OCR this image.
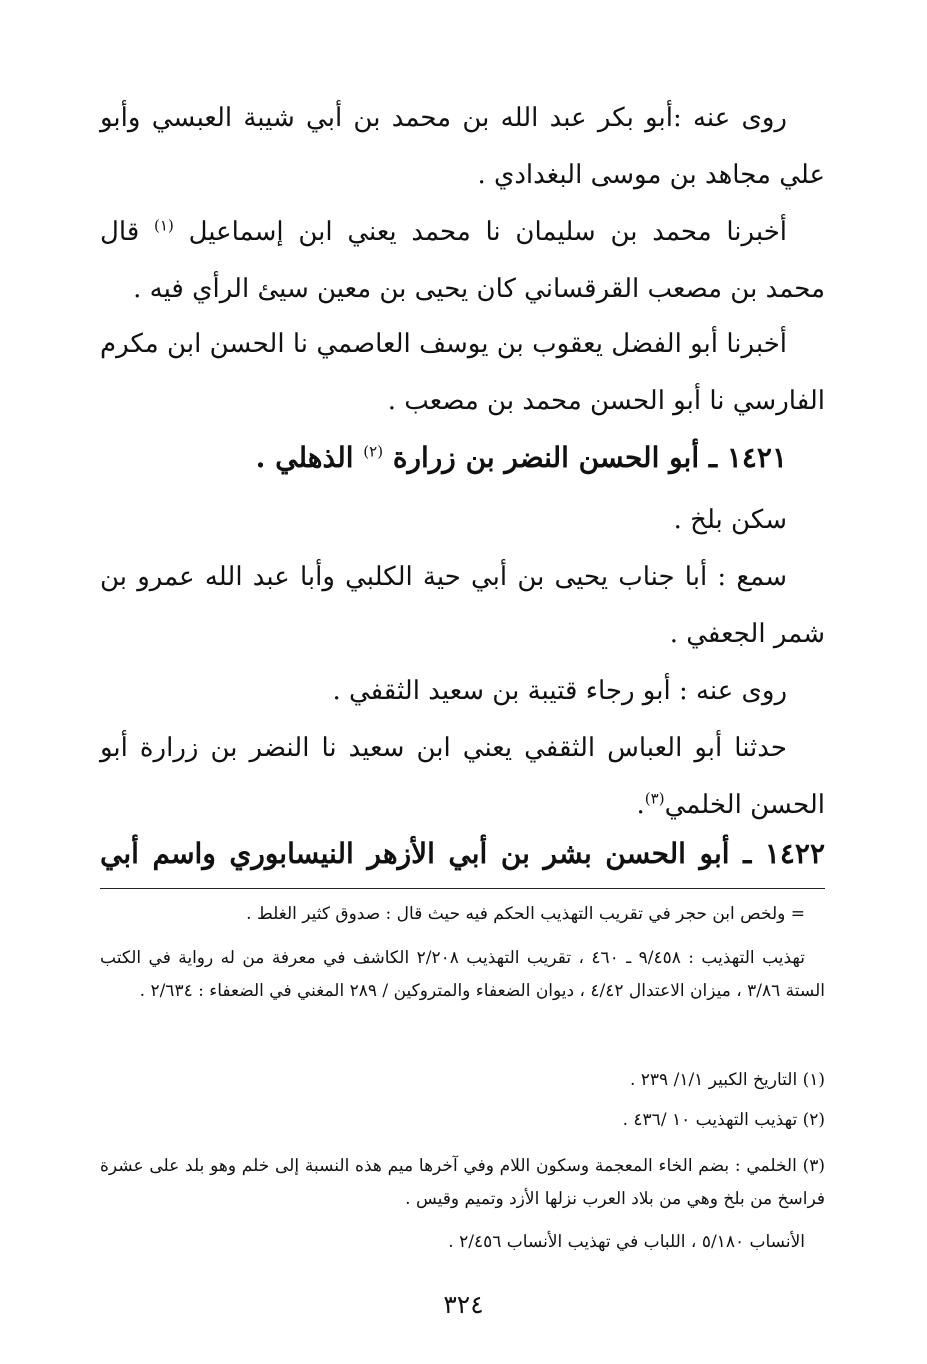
روى عنه :أبو بكر عبد الله بن محمد بن أبي شيبة العبسي وأبو علي مجاهد بن موسى البغدادي .

أخبرنا محمد بن سليمان نا محمد يعني ابن إسماعيل $^{(١)}$ قال محمد بن مصعب القرقساني كان يحيى بن معين سيئ الرأي فيه .

أخبرنا أبو الفضل يعقوب بن يوسف العاصمي نا الحسن ابن مكرم الفارسي نا أبو الحسن محمد بن مصعب .

١٤٢١ ـ أبو الحسن النضر بن زرارة $^{(٢)}$ الذهلي .

سكن بلخ .

سمع : أبا جناب يحيى بن أبي حية الكلبي وأبا عبد الله عمرو بن شمر الجعفي .

روى عنه : أبو رجاء قتيبة بن سعيد الثقفي .

حدثنا أبو العباس الثقفي يعني ابن سعيد نا النضر بن زرارة أبو الحسن الخلمي$^{(٣)}$.

١٤٢٢ ـ أبو الحسن بشر بن أبي الأزهر النيسابوري واسم أبي

= ولخص ابن حجر في تقريب التهذيب الحكم فيه حيث قال : صدوق كثير الغلط .

تهذيب التهذيب : ٩/٤٥٨ ـ ٤٦٠ ، تقريب التهذيب ٢/٢٠٨ الكاشف في معرفة من له رواية في الكتب الستة ٣/٨٦ ، ميزان الاعتدال ٤/٤٢ ، ديوان الضعفاء والمتروكين / ٢٨٩ المغني في الضعفاء : ٢/٦٣٤ .

(١) التاريخ الكبير ١/١/ ٢٣٩ .

(٢) تهذيب التهذيب ١٠ /٤٣٦ .

(٣) الخلمي : بضم الخاء المعجمة وسكون اللام وفي آخرها ميم هذه النسبة إلى خلم وهو بلد على عشرة فراسخ من بلخ وهي من بلاد العرب نزلها الأزد وتميم وقيس .

الأنساب ٥/١٨٠ ، اللباب في تهذيب الأنساب ٢/٤٥٦ .

٣٢٤
